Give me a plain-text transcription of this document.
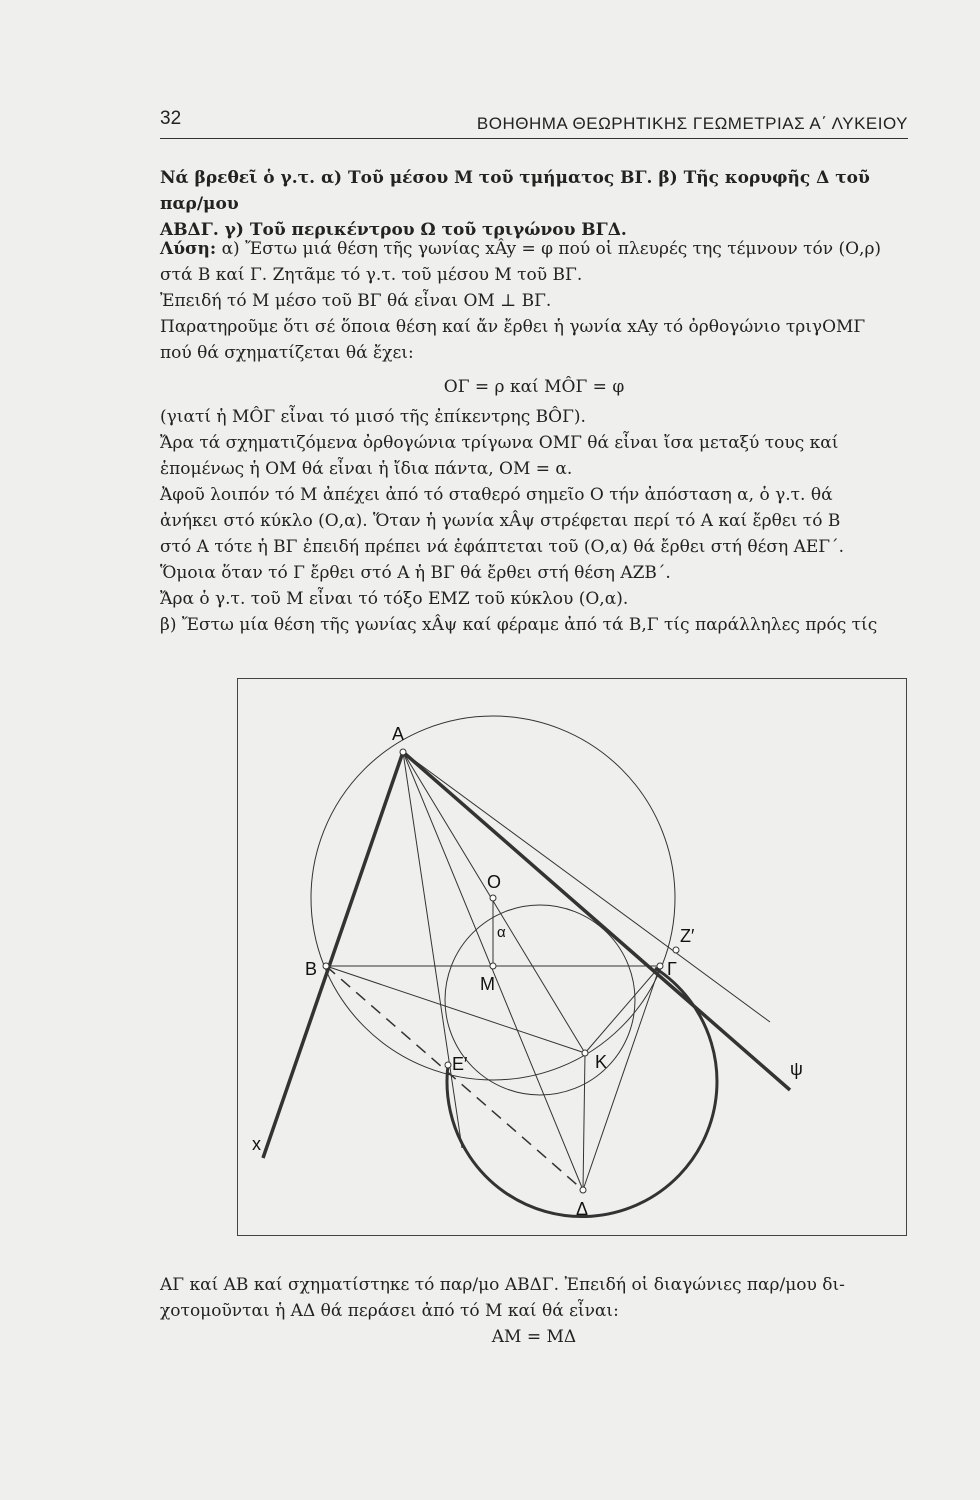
32	ΒΟΗΘΗΜΑ ΘΕΩΡΗΤΙΚΗΣ ΓΕΩΜΕΤΡΙΑΣ Α΄ ΛΥΚΕΙΟΥ

Νά βρεθεῖ ὁ γ.τ. α) Τοῦ μέσου Μ τοῦ τμήματος ΒΓ. β) Τῆς κορυφῆς Δ τοῦ παρ/μου

ΑΒΔΓ. γ) Τοῦ περικέντρου Ω τοῦ τριγώνου ΒΓΔ.

Λύση: α) Ἔστω μιά θέση τῆς γωνίας xÂy = φ πού οἱ πλευρές της τέμνουν τόν (Ο,ρ)

στά Β καί Γ. Ζητᾶμε τό γ.τ. τοῦ μέσου Μ τοῦ ΒΓ.

Ἐπειδή τό Μ μέσο τοῦ ΒΓ θά εἶναι ΟΜ ⊥ ΒΓ.

Παρατηροῦμε ὅτι σέ ὅποια θέση καί ἄν ἔρθει ἡ γωνία xAy τό ὀρθογώνιο τριγΟΜΓ

πού θά σχηματίζεται θά ἔχει:

ΟΓ = ρ καί ΜÔΓ = φ

(γιατί ἡ ΜÔΓ εἶναι τό μισό τῆς ἐπίκεντρης ΒÔΓ).

Ἄρα τά σχηματιζόμενα ὀρθογώνια τρίγωνα ΟΜΓ θά εἶναι ἴσα μεταξύ τους καί

ἑπομένως ἡ ΟΜ θά εἶναι ἡ ἴδια πάντα, ΟΜ = α.

Ἀφοῦ λοιπόν τό Μ ἀπέχει ἀπό τό σταθερό σημεῖο Ο τήν ἀπόσταση α, ὁ γ.τ. θά

ἀνήκει στό κύκλο (Ο,α). Ὅταν ἡ γωνία xÂψ στρέφεται περί τό Α καί ἔρθει τό Β

στό Α τότε ἡ ΒΓ ἐπειδή πρέπει νά ἐφάπτεται τοῦ (Ο,α) θά ἔρθει στή θέση ΑΕΓ΄.

Ὅμοια ὅταν τό Γ ἔρθει στό Α ἡ ΒΓ θά ἔρθει στή θέση ΑΖΒ΄.

Ἄρα ὁ γ.τ. τοῦ Μ εἶναι τό τόξο ΕΜΖ τοῦ κύκλου (Ο,α).

β) Ἔστω μία θέση τῆς γωνίας xÂψ καί φέραμε ἀπό τά Β,Γ τίς παράλληλες πρός τίς

A
O
α	Z′
B	Γ
M
E′	K	ψ
x
Δ

ΑΓ καί ΑΒ καί σχηματίστηκε τό παρ/μο ΑΒΔΓ. Ἐπειδή οἱ διαγώνιες παρ/μου δι-

χοτομοῦνται ἡ ΑΔ θά περάσει ἀπό τό Μ καί θά εἶναι:

ΑΜ = ΜΔ
